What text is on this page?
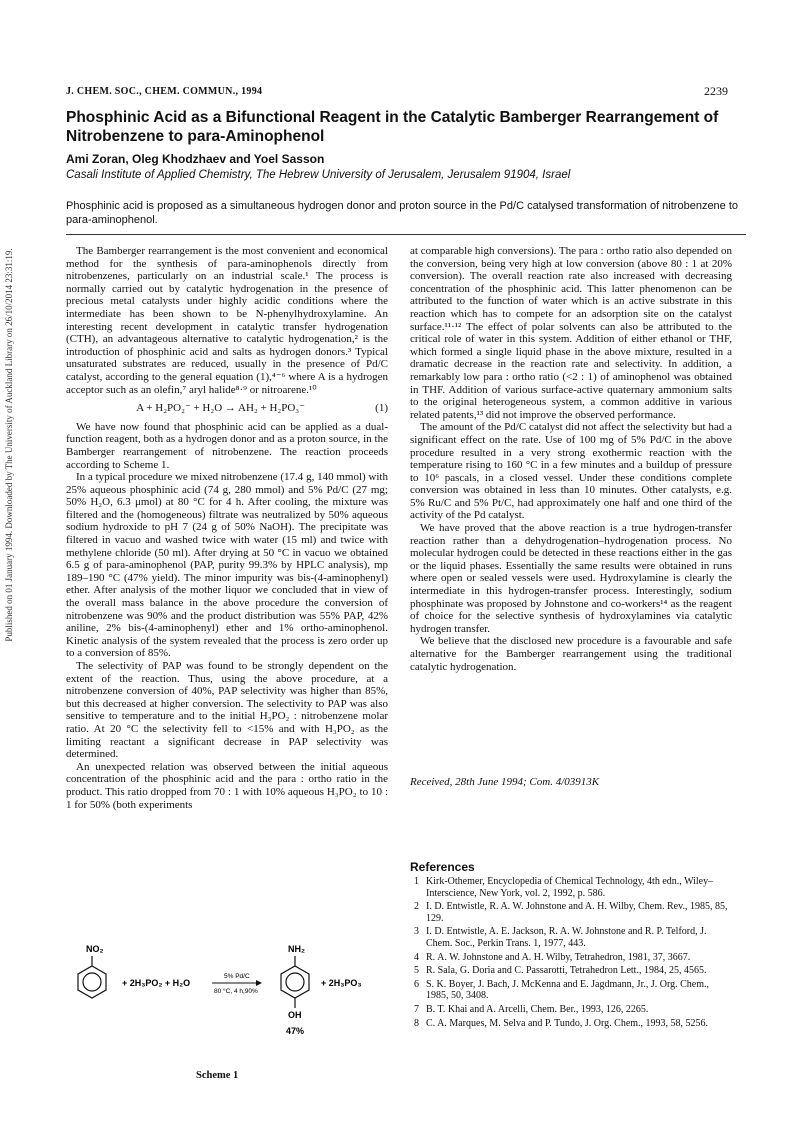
Published on 01 January 1994. Downloaded by The University of Auckland Library on 26/10/2014 23:31:19.
J. CHEM. SOC., CHEM. COMMUN., 1994	2239
Phosphinic Acid as a Bifunctional Reagent in the Catalytic Bamberger Rearrangement of Nitrobenzene to para-Aminophenol
Ami Zoran, Oleg Khodzhaev and Yoel Sasson
Casali Institute of Applied Chemistry, The Hebrew University of Jerusalem, Jerusalem 91904, Israel
Phosphinic acid is proposed as a simultaneous hydrogen donor and proton source in the Pd/C catalysed transformation of nitrobenzene to para-aminophenol.

The Bamberger rearrangement is the most convenient and economical method for the synthesis of para-aminophenols directly from nitrobenzenes, particularly on an industrial scale.¹ The process is normally carried out by catalytic hydrogenation in the presence of precious metal catalysts under highly acidic conditions where the intermediate has been shown to be N-phenylhydroxylamine. An interesting recent development in catalytic transfer hydrogenation (CTH), an advantageous alternative to catalytic hydrogenation,² is the introduction of phosphinic acid and salts as hydrogen donors.³ Typical unsaturated substrates are reduced, usually in the presence of Pd/C catalyst, according to the general equation (1),⁴⁻⁶ where A is a hydrogen acceptor such as an olefin,⁷ aryl halide⁸·⁹ or nitroarene.¹⁰

A + H₂PO₂⁻ + H₂O → AH₂ + H₂PO₃⁻	(1)

We have now found that phosphinic acid can be applied as a dual-function reagent, both as a hydrogen donor and as a proton source, in the Bamberger rearrangement of nitrobenzene. The reaction proceeds according to Scheme 1.

In a typical procedure we mixed nitrobenzene (17.4 g, 140 mmol) with 25% aqueous phosphinic acid (74 g, 280 mmol) and 5% Pd/C (27 mg; 50% H₂O, 6.3 μmol) at 80 °C for 4 h. After cooling, the mixture was filtered and the (homogeneous) filtrate was neutralized by 50% aqueous sodium hydroxide to pH 7 (24 g of 50% NaOH). The precipitate was filtered in vacuo and washed twice with water (15 ml) and twice with methylene chloride (50 ml). After drying at 50 °C in vacuo we obtained 6.5 g of para-aminophenol (PAP, purity 99.3% by HPLC analysis), mp 189–190 °C (47% yield). The minor impurity was bis-(4-aminophenyl) ether. After analysis of the mother liquor we concluded that in view of the overall mass balance in the above procedure the conversion of nitrobenzene was 90% and the product distribution was 55% PAP, 42% aniline, 2% bis-(4-aminophenyl) ether and 1% ortho-aminophenol. Kinetic analysis of the system revealed that the process is zero order up to a conversion of 85%.

The selectivity of PAP was found to be strongly dependent on the extent of the reaction. Thus, using the above procedure, at a nitrobenzene conversion of 40%, PAP selectivity was higher than 85%, but this decreased at higher conversion. The selectivity to PAP was also sensitive to temperature and to the initial H₃PO₂ : nitrobenzene molar ratio. At 20 °C the selectivity fell to <15% and with H₃PO₂ as the limiting reactant a significant decrease in PAP selectivity was determined.

An unexpected relation was observed between the initial aqueous concentration of the phosphinic acid and the para : ortho ratio in the product. This ratio dropped from 70 : 1 with 10% aqueous H₃PO₂ to 10 : 1 for 50% (both experiments

at comparable high conversions). The para : ortho ratio also depended on the conversion, being very high at low conversion (above 80 : 1 at 20% conversion). The overall reaction rate also increased with decreasing concentration of the phosphinic acid. This latter phenomenon can be attributed to the function of water which is an active substrate in this reaction which has to compete for an adsorption site on the catalyst surface.¹¹·¹² The effect of polar solvents can also be attributed to the critical role of water in this system. Addition of either ethanol or THF, which formed a single liquid phase in the above mixture, resulted in a dramatic decrease in the reaction rate and selectivity. In addition, a remarkably low para : ortho ratio (<2 : 1) of aminophenol was obtained in THF. Addition of various surface-active quaternary ammonium salts to the original heterogeneous system, a common additive in various related patents,¹³ did not improve the observed performance.

The amount of the Pd/C catalyst did not affect the selectivity but had a significant effect on the rate. Use of 100 mg of 5% Pd/C in the above procedure resulted in a very strong exothermic reaction with the temperature rising to 160 °C in a few minutes and a buildup of pressure to 10⁶ pascals, in a closed vessel. Under these conditions complete conversion was obtained in less than 10 minutes. Other catalysts, e.g. 5% Ru/C and 5% Pt/C, had approximately one half and one third of the activity of the Pd catalyst.

We have proved that the above reaction is a true hydrogen-transfer reaction rather than a dehydrogenation–hydrogenation process. No molecular hydrogen could be detected in these reactions either in the gas or the liquid phases. Essentially the same results were obtained in runs where open or sealed vessels were used. Hydroxylamine is clearly the intermediate in this hydrogen-transfer process. Interestingly, sodium phosphinate was proposed by Johnstone and co-workers¹⁴ as the reagent of choice for the selective synthesis of hydroxylamines via catalytic hydrogen transfer.

We believe that the disclosed new procedure is a favourable and safe alternative for the Bamberger rearrangement using the traditional catalytic hydrogenation.

Received, 28th June 1994; Com. 4/03913K
References
1 Kirk-Othemer, Encyclopedia of Chemical Technology, 4th edn., Wiley–Interscience, New York, vol. 2, 1992, p. 586.
2 I. D. Entwistle, R. A. W. Johnstone and A. H. Wilby, Chem. Rev., 1985, 85, 129.
3 I. D. Entwistle, A. E. Jackson, R. A. W. Johnstone and R. P. Telford, J. Chem. Soc., Perkin Trans. 1, 1977, 443.
4 R. A. W. Johnstone and A. H. Wilby, Tetrahedron, 1981, 37, 3667.
5 R. Sala, G. Doria and C. Passarotti, Tetrahedron Lett., 1984, 25, 4565.
6 S. K. Boyer, J. Bach, J. McKenna and E. Jagdmann, Jr., J. Org. Chem., 1985, 50, 3408.
7 B. T. Khai and A. Arcelli, Chem. Ber., 1993, 126, 2265.
8 C. A. Marques, M. Selva and P. Tundo, J. Org. Chem., 1993, 58, 5256.
NO₂
+ 2H₃PO₂ + H₂O
5% Pd/C
80 °C, 4 h,90%
NH₂
OH
47%
+ 2H₃PO₃
Scheme 1
